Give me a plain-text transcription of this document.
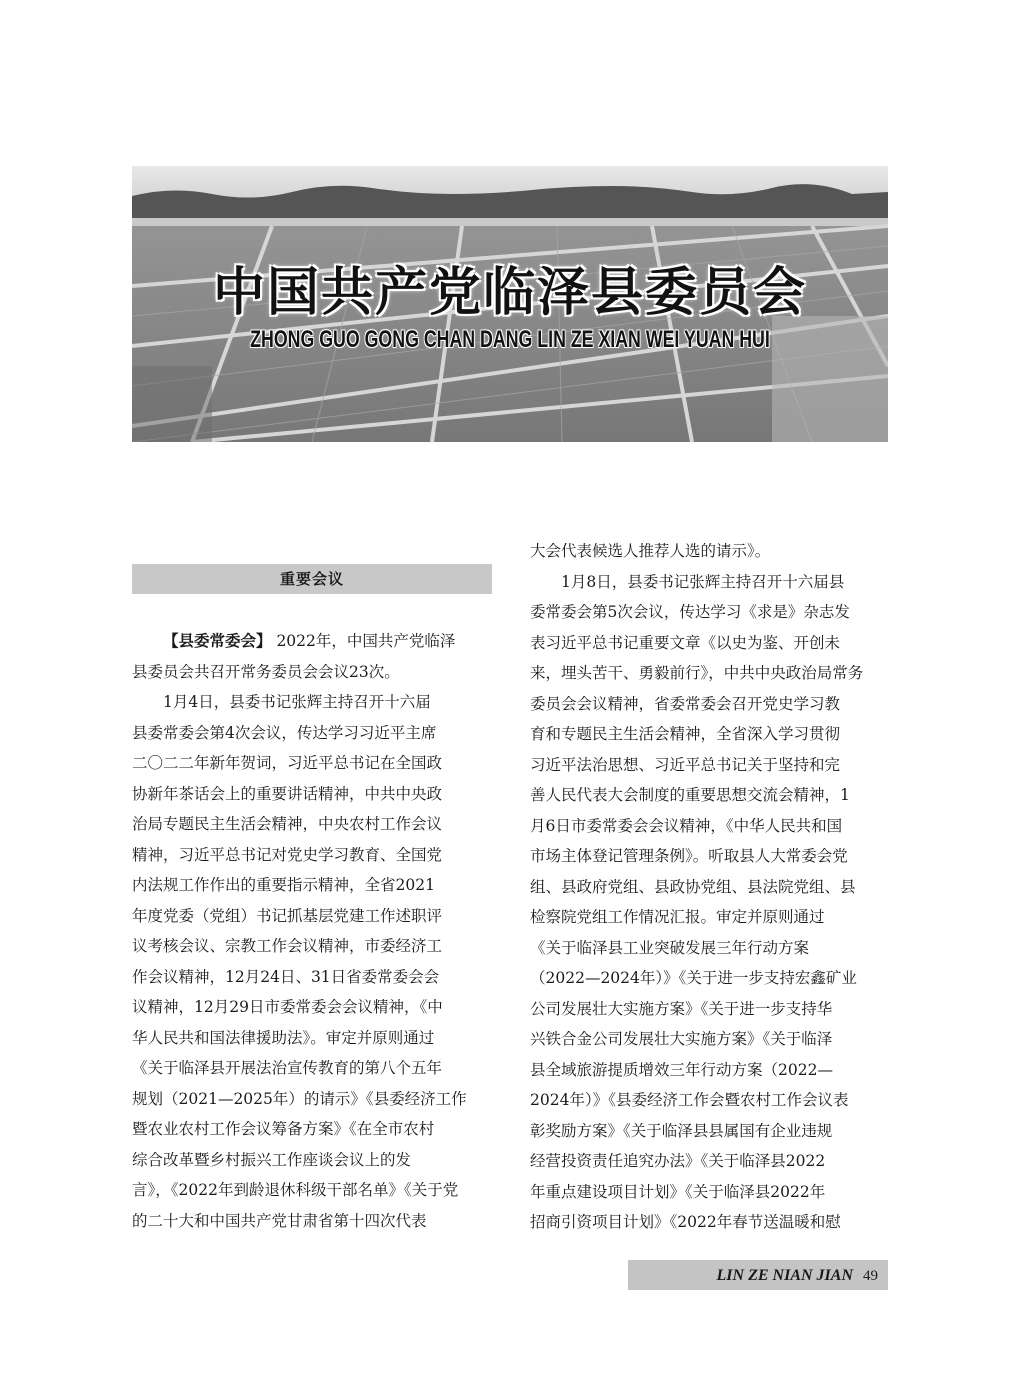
中国共产党临泽县委员会
ZHONG GUO GONG CHAN DANG LIN ZE XIAN WEI YUAN HUI
重要会议

【县委常委会】 2022年，中国共产党临泽

县委员会共召开常务委员会会议23次。

1月4日，县委书记张辉主持召开十六届

县委常委会第4次会议，传达学习习近平主席

二〇二二年新年贺词，习近平总书记在全国政

协新年茶话会上的重要讲话精神，中共中央政

治局专题民主生活会精神，中央农村工作会议

精神，习近平总书记对党史学习教育、全国党

内法规工作作出的重要指示精神，全省2021

年度党委（党组）书记抓基层党建工作述职评

议考核会议、宗教工作会议精神，市委经济工

作会议精神，12月24日、31日省委常委会会

议精神，12月29日市委常委会会议精神，《中

华人民共和国法律援助法》。审定并原则通过

《关于临泽县开展法治宣传教育的第八个五年

规划（2021—2025年）的请示》《县委经济工作

暨农业农村工作会议筹备方案》《在全市农村

综合改革暨乡村振兴工作座谈会议上的发

言》，《2022年到龄退休科级干部名单》《关于党

的二十大和中国共产党甘肃省第十四次代表

大会代表候选人推荐人选的请示》。

1月8日，县委书记张辉主持召开十六届县

委常委会第5次会议，传达学习《求是》杂志发

表习近平总书记重要文章《以史为鉴、开创未

来，埋头苦干、勇毅前行》，中共中央政治局常务

委员会会议精神，省委常委会召开党史学习教

育和专题民主生活会精神，全省深入学习贯彻

习近平法治思想、习近平总书记关于坚持和完

善人民代表大会制度的重要思想交流会精神，1

月6日市委常委会会议精神，《中华人民共和国

市场主体登记管理条例》。听取县人大常委会党

组、县政府党组、县政协党组、县法院党组、县

检察院党组工作情况汇报。审定并原则通过

《关于临泽县工业突破发展三年行动方案

（2022—2024年）》《关于进一步支持宏鑫矿业

公司发展壮大实施方案》《关于进一步支持华

兴铁合金公司发展壮大实施方案》《关于临泽

县全域旅游提质增效三年行动方案（2022—

2024年）》《县委经济工作会暨农村工作会议表

彰奖励方案》《关于临泽县县属国有企业违规

经营投资责任追究办法》《关于临泽县2022

年重点建设项目计划》《关于临泽县2022年

招商引资项目计划》《2022年春节送温暖和慰

LIN ZE NIAN JIAN 49
